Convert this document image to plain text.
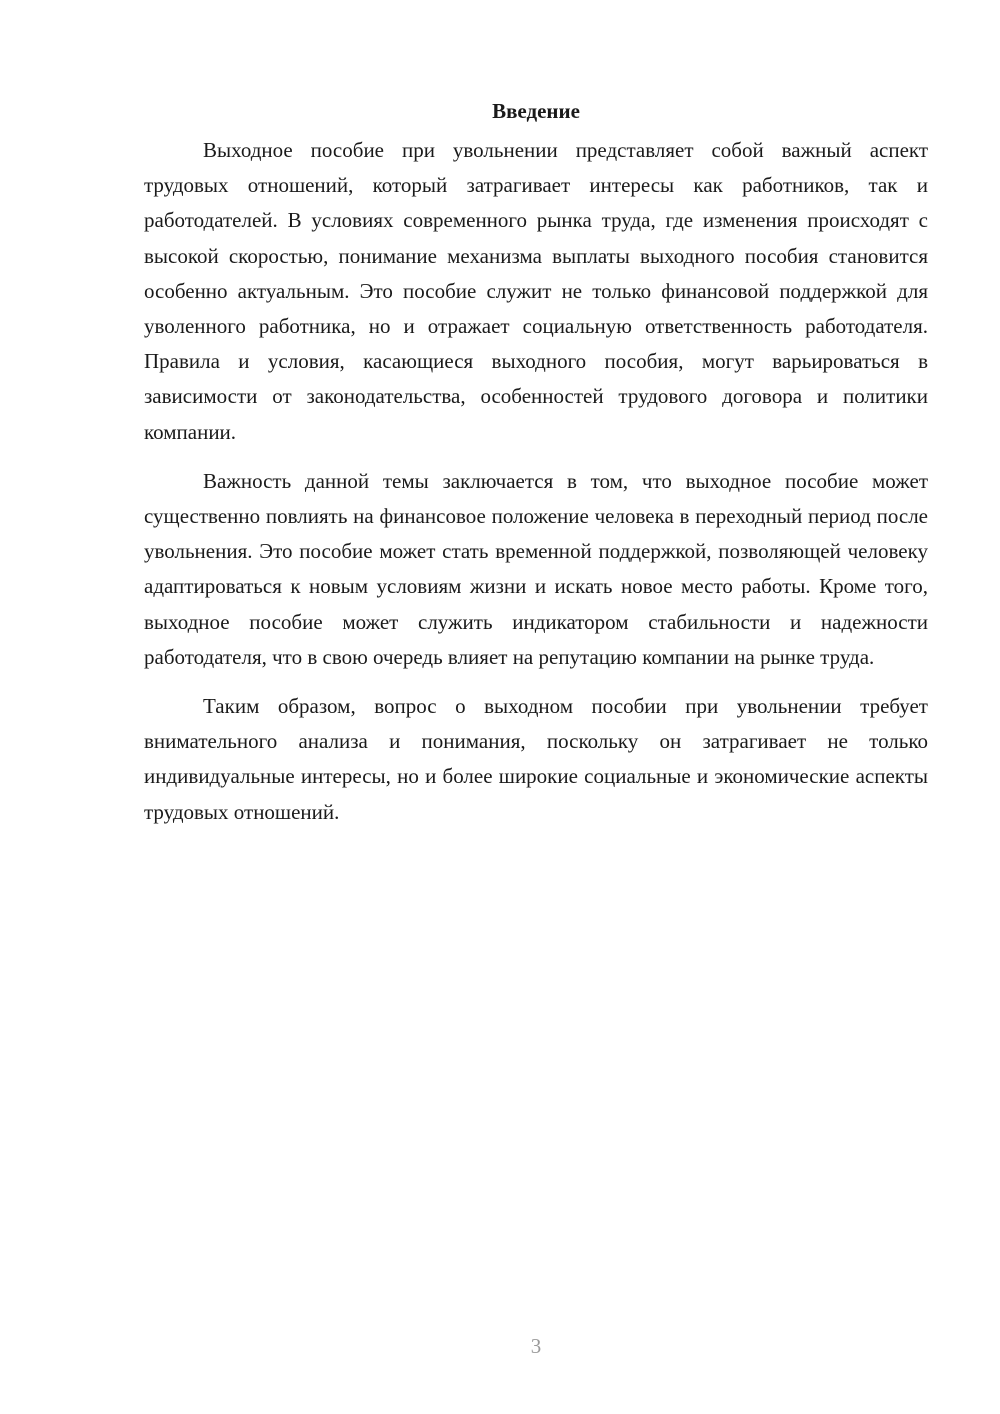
Введение

Выходное пособие при увольнении представляет собой важный аспект трудовых отношений, который затрагивает интересы как работников, так и работодателей. В условиях современного рынка труда, где изменения происходят с высокой скоростью, понимание механизма выплаты выходного пособия становится особенно актуальным. Это пособие служит не только финансовой поддержкой для уволенного работника, но и отражает социальную ответственность работодателя. Правила и условия, касающиеся выходного пособия, могут варьироваться в зависимости от законодательства, особенностей трудового договора и политики компании.

Важность данной темы заключается в том, что выходное пособие может существенно повлиять на финансовое положение человека в переходный период после увольнения. Это пособие может стать временной поддержкой, позволяющей человеку адаптироваться к новым условиям жизни и искать новое место работы. Кроме того, выходное пособие может служить индикатором стабильности и надежности работодателя, что в свою очередь влияет на репутацию компании на рынке труда.

Таким образом, вопрос о выходном пособии при увольнении требует внимательного анализа и понимания, поскольку он затрагивает не только индивидуальные интересы, но и более широкие социальные и экономические аспекты трудовых отношений.

3
